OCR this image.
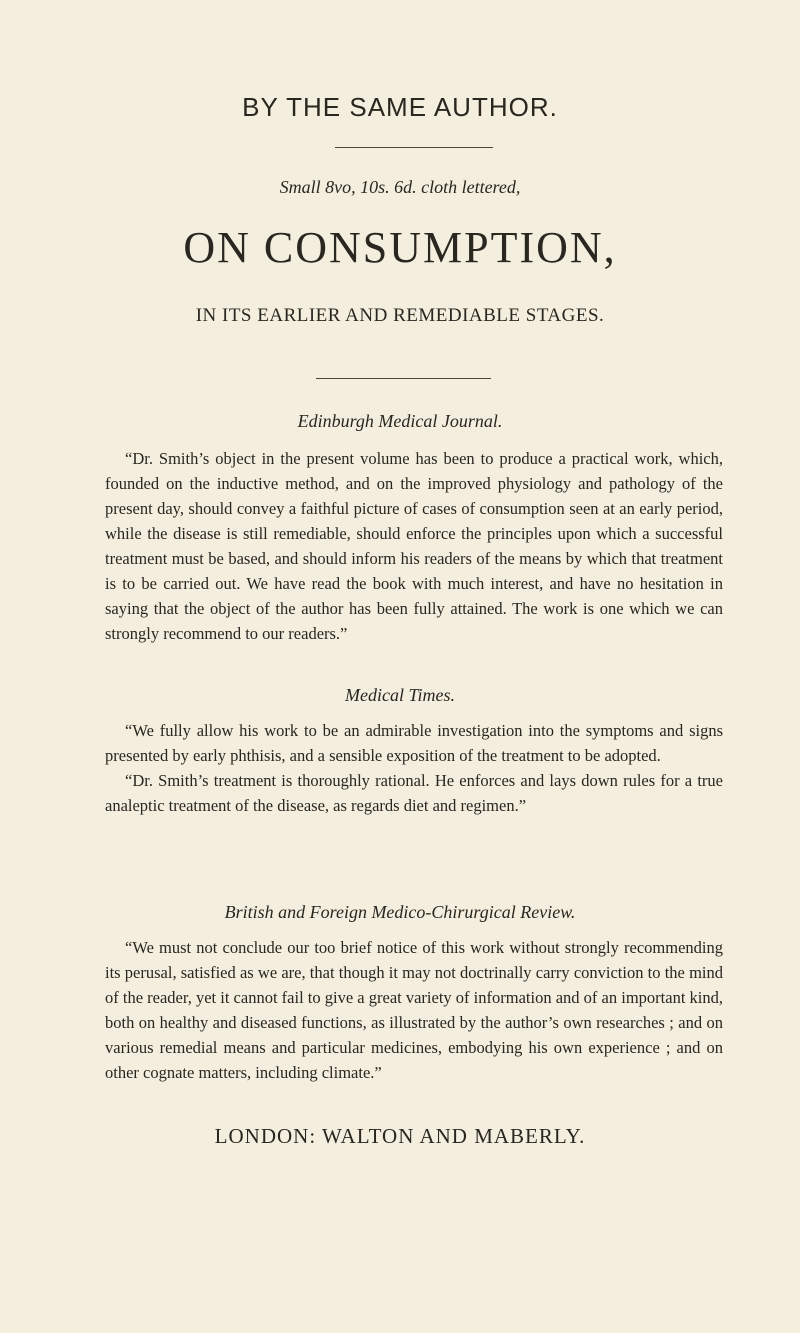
BY THE SAME AUTHOR.
Small 8vo, 10s. 6d. cloth lettered,
ON CONSUMPTION,
IN ITS EARLIER AND REMEDIABLE STAGES.
Edinburgh Medical Journal.

“Dr. Smith’s object in the present volume has been to produce a practical work, which, founded on the inductive method, and on the improved physiology and pathology of the present day, should convey a faithful picture of cases of consumption seen at an early period, while the disease is still remediable, should enforce the principles upon which a successful treatment must be based, and should inform his readers of the means by which that treatment is to be carried out. We have read the book with much interest, and have no hesitation in saying that the object of the author has been fully attained. The work is one which we can strongly recommend to our readers.”

Medical Times.

“We fully allow his work to be an admirable investigation into the symptoms and signs presented by early phthisis, and a sensible exposition of the treatment to be adopted.

“Dr. Smith’s treatment is thoroughly rational. He enforces and lays down rules for a true analeptic treatment of the disease, as regards diet and regimen.”

British and Foreign Medico-Chirurgical Review.

“We must not conclude our too brief notice of this work without strongly recommending its perusal, satisfied as we are, that though it may not doctrinally carry conviction to the mind of the reader, yet it cannot fail to give a great variety of information and of an important kind, both on healthy and diseased functions, as illustrated by the author’s own researches ; and on various remedial means and particular medicines, embodying his own experience ; and on other cognate matters, including climate.”

LONDON: WALTON AND MABERLY.
